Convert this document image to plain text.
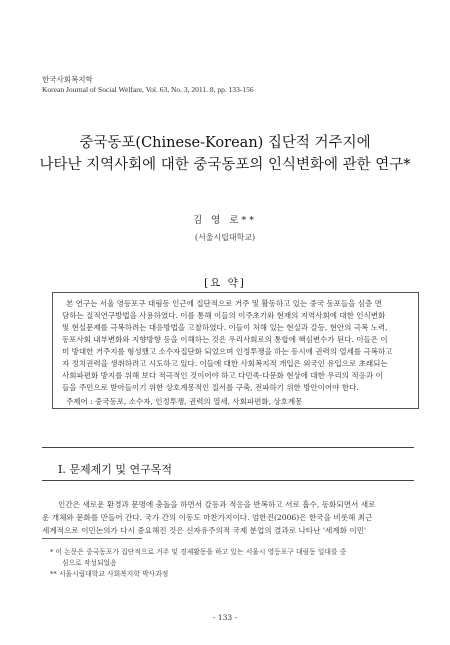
한국사회복지학
Korean Journal of Social Welfare, Vol. 63, No. 3, 2011. 8, pp. 133-156
중국동포(Chinese-Korean) 집단적 거주지에
나타난 지역사회에 대한 중국동포의 인식변화에 관한 연구*
김 영 로**
(서울시립대학교)
[요 약]
본 연구는 서울 영등포구 대림동 인근에 집단적으로 거주 및 활동하고 있는 중국 동포들을 심층 면
담하는 질적연구방법을 사용하였다. 이를 통해 이들의 이주초기와 현재의 지역사회에 대한 인식변화
및 현실문제를 극복하려는 대응방법을 고찰하였다. 이들이 처해 있는 현실과 갈등, 현안의 극복 노력,
동포사회 내부변화와 지향방향 등을 이해하는 것은 우리사회로의 통합에 핵심변수가 된다. 이들은 이
미 방대한 거주지를 형성했고 소수자집단화 되었으며 인정투쟁을 하는 동시에 권력의 열세를 극복하고
자 정치권력을 생취하려고 시도하고 있다. 이들에 대한 사회복지적 개입은 외국인 유입으로 초래되는
사회파편화 방지를 위해 보다 적극적인 것이어야 하고 다민족·다문화 현상에 대한 우리의 적응과 이
들을 주민으로 받아들이기 위한 상호계몽적인 질서를 구축, 전파하기 위한 방안이어야 한다.
주제어 : 중국동포, 소수자, 인정투쟁, 권력의 열세, 사회파편화, 상호계몽
I. 문제제기 및 연구목적
인간은 새로운 환경과 문명에 충돌을 하면서 갈등과 적응을 반복하고 서로 흡수, 동화되면서 새로
운 개체와 문화를 만들어 간다. 국가 간의 이동도 마찬가지이다. 엄한진(2006)은 한국을 비롯해 최근
세계적으로 이민논의가 다시 중요해진 것은 신자유주의적 국제 분업의 결과로 나타난 '세계화 이민'
* 이 논문은 중국동포가 집단적으로 거주 및 경제활동을 하고 있는 서울시 영등포구 대림동 일대를 중
심으로 작성되었음
** 서울시립대학교 사회복지학 박사과정
- 133 -
